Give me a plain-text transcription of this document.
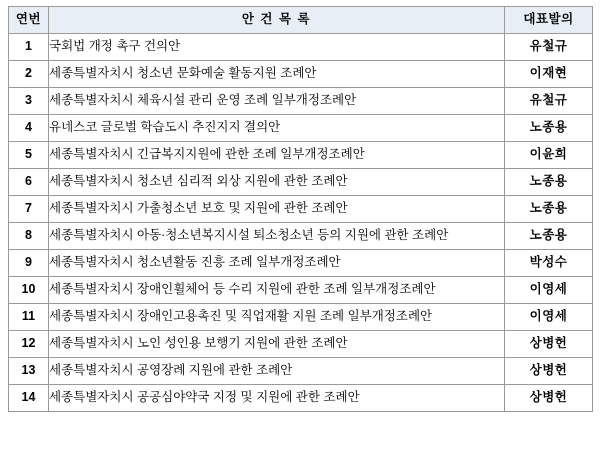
연번	안 건 목 록	대표발의
1	국회법 개정 촉구 건의안	유철규
2	세종특별자치시 청소년 문화예술 활동지원 조례안	이재현
3	세종특별자치시 체육시설 관리 운영 조례 일부개정조례안	유철규
4	유네스코 글로벌 학습도시 추진지지 결의안	노종용
5	세종특별자치시 긴급복지지원에 관한 조례 일부개정조례안	이윤희
6	세종특별자치시 청소년 심리적 외상 지원에 관한 조례안	노종용
7	세종특별자치시 가출청소년 보호 및 지원에 관한 조례안	노종용
8	세종특별자치시 아동·청소년복지시설 퇴소청소년 등의 지원에 관한 조례안	노종용
9	세종특별자치시 청소년활동 진흥 조례 일부개정조례안	박성수
10	세종특별자치시 장애인휠체어 등 수리 지원에 관한 조례 일부개정조례안	이영세
11	세종특별자치시 장애인고용촉진 및 직업재활 지원 조례 일부개정조례안	이영세
12	세종특별자치시 노인 성인용 보행기 지원에 관한 조례안	상병헌
13	세종특별자치시 공영장례 지원에 관한 조례안	상병헌
14	세종특별자치시 공공심야약국 지정 및 지원에 관한 조례안	상병헌
